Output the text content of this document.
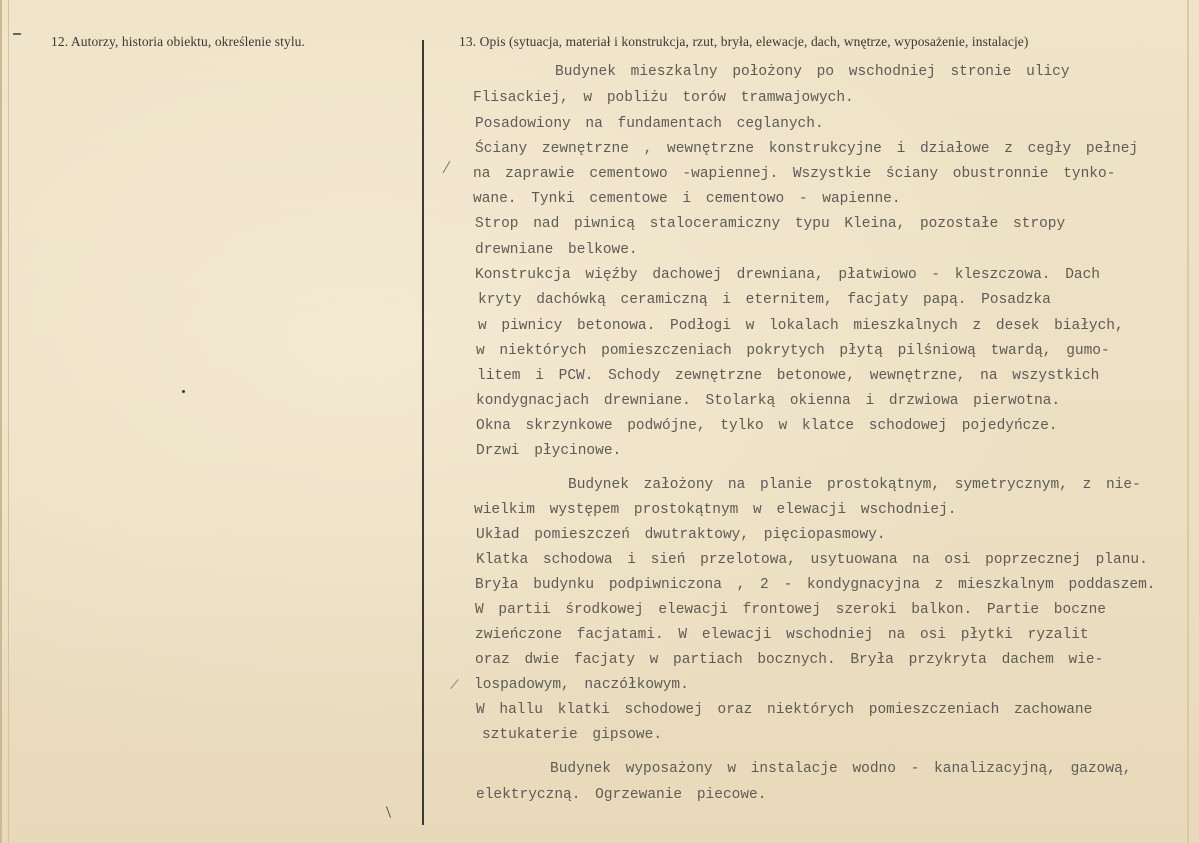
12. Autorzy, historia obiektu, określenie stylu.	13. Opis (sytuacja, materiał i konstrukcja, rzut, bryła, elewacje, dach, wnętrze, wyposażenie, instalacje)
Budynek mieszkalny położony po wschodniej stronie ulicy
Flisackiej, w pobliżu torów tramwajowych.
Posadowiony na fundamentach ceglanych.
Ściany zewnętrzne , wewnętrzne konstrukcyjne i działowe z cegły pełnej
na zaprawie cementowo -wapiennej. Wszystkie ściany obustronnie tynko-
wane. Tynki cementowe i cementowo - wapienne.
Strop nad piwnicą staloceramiczny typu Kleina, pozostałe stropy
drewniane belkowe.
Konstrukcja więźby dachowej drewniana, płatwiowo - kleszczowa. Dach
kryty dachówką ceramiczną i eternitem, facjaty papą. Posadzka
w piwnicy betonowa. Podłogi w lokalach mieszkalnych z desek białych,
w niektórych pomieszczeniach pokrytych płytą pilśniową twardą, gumo-
litem i PCW. Schody zewnętrzne betonowe, wewnętrzne, na wszystkich
kondygnacjach drewniane. Stolarką okienna i drzwiowa pierwotna.
Okna skrzynkowe podwójne, tylko w klatce schodowej pojedyńcze.
Drzwi płycinowe.
Budynek założony na planie prostokątnym, symetrycznym, z nie-
wielkim występem prostokątnym w elewacji wschodniej.
Układ pomieszczeń dwutraktowy, pięciopasmowy.
Klatka schodowa i sień przelotowa, usytuowana na osi poprzecznej planu.
Bryła budynku podpiwniczona , 2 - kondygnacyjna z mieszkalnym poddaszem.
W partii środkowej elewacji frontowej szeroki balkon. Partie boczne
zwieńczone facjatami. W elewacji wschodniej na osi płytki ryzalit
oraz dwie facjaty w partiach bocznych. Bryła przykryta dachem wie-
lospadowym, naczółkowym.
W hallu klatki schodowej oraz niektórych pomieszczeniach zachowane
sztukaterie gipsowe.
Budynek wyposażony w instalacje wodno - kanalizacyjną, gazową,
elektryczną. Ogrzewanie piecowe.
